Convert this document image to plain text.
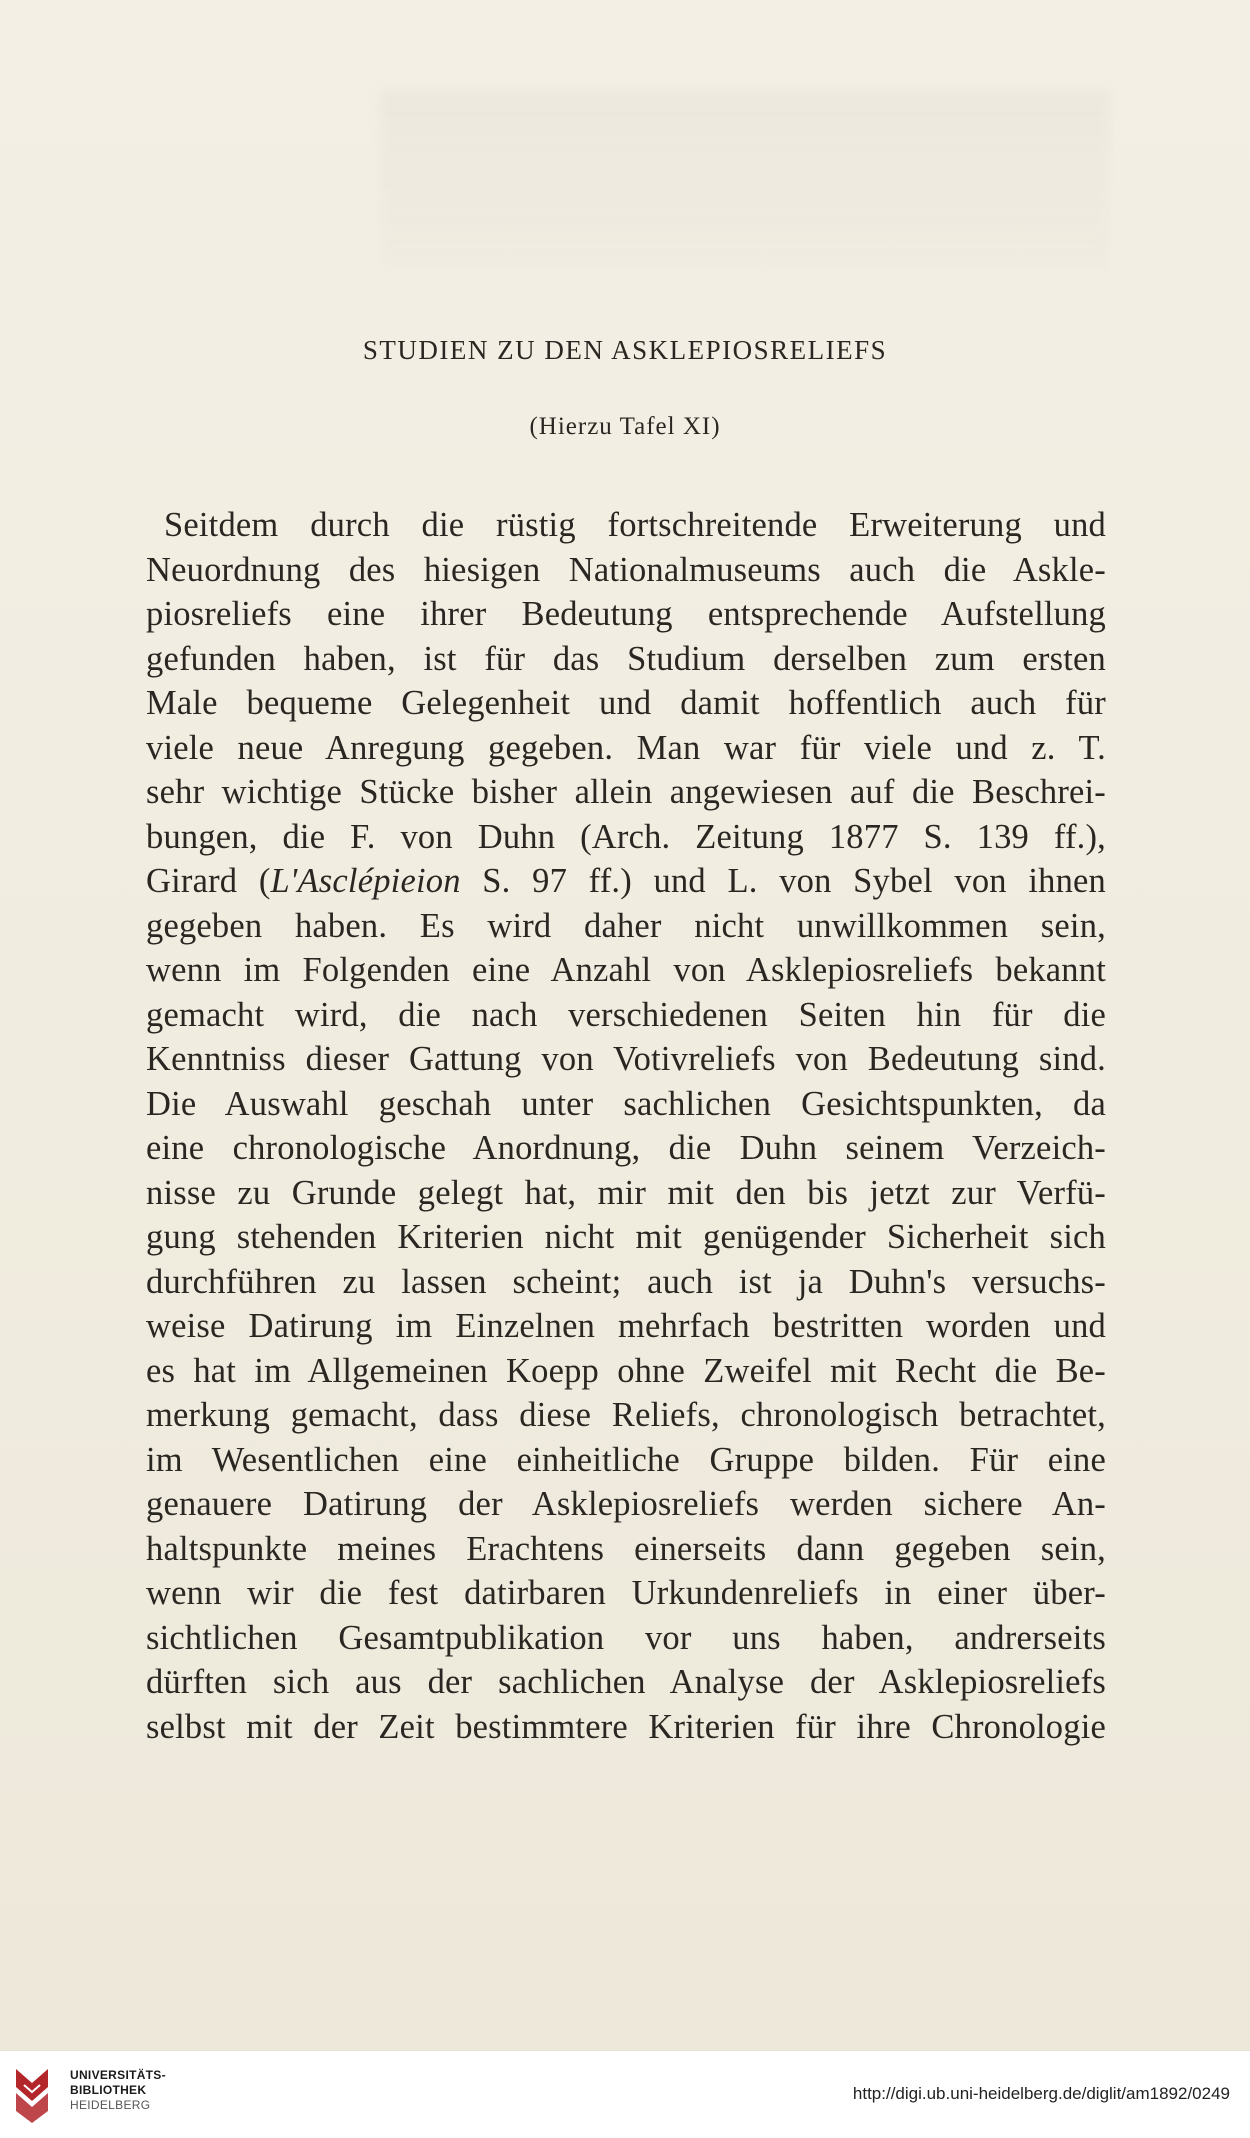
STUDIEN ZU DEN ASKLEPIOSRELIEFS
(Hierzu Tafel XI)
Seitdem durch die rüstig fortschreitende Erweiterung und
Neuordnung des hiesigen Nationalmuseums auch die Askle-
piosreliefs eine ihrer Bedeutung entsprechende Aufstellung
gefunden haben, ist für das Studium derselben zum ersten
Male bequeme Gelegenheit und damit hoffentlich auch für
viele neue Anregung gegeben. Man war für viele und z. T.
sehr wichtige Stücke bisher allein angewiesen auf die Beschrei-
bungen, die F. von Duhn (Arch. Zeitung 1877 S. 139 ff.),
Girard (L'Asclépieion S. 97 ff.) und L. von Sybel von ihnen
gegeben haben. Es wird daher nicht unwillkommen sein,
wenn im Folgenden eine Anzahl von Asklepiosreliefs bekannt
gemacht wird, die nach verschiedenen Seiten hin für die
Kenntniss dieser Gattung von Votivreliefs von Bedeutung sind.
Die Auswahl geschah unter sachlichen Gesichtspunkten, da
eine chronologische Anordnung, die Duhn seinem Verzeich-
nisse zu Grunde gelegt hat, mir mit den bis jetzt zur Verfü-
gung stehenden Kriterien nicht mit genügender Sicherheit sich
durchführen zu lassen scheint; auch ist ja Duhn's versuchs-
weise Datirung im Einzelnen mehrfach bestritten worden und
es hat im Allgemeinen Koepp ohne Zweifel mit Recht die Be-
merkung gemacht, dass diese Reliefs, chronologisch betrachtet,
im Wesentlichen eine einheitliche Gruppe bilden. Für eine
genauere Datirung der Asklepiosreliefs werden sichere An-
haltspunkte meines Erachtens einerseits dann gegeben sein,
wenn wir die fest datirbaren Urkundenreliefs in einer über-
sichtlichen Gesamtpublikation vor uns haben, andrerseits
dürften sich aus der sachlichen Analyse der Asklepiosreliefs
selbst mit der Zeit bestimmtere Kriterien für ihre Chronologie
UNIVERSITÄTS-
BIBLIOTHEK
HEIDELBERG
http://digi.ub.uni-heidelberg.de/diglit/am1892/0249
